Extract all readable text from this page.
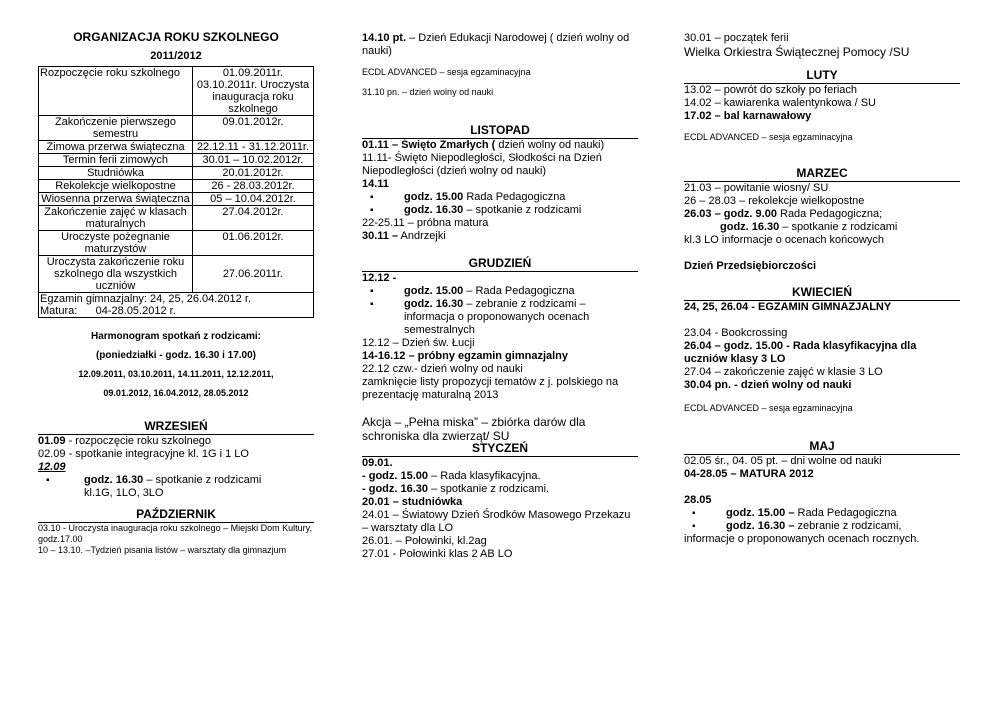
ORGANIZACJA ROKU SZKOLNEGO
2011/2012
Rozpoczęcie roku szkolnego	01.09.2011r. 03.10.2011r. Uroczysta inauguracja roku szkolnego
Zakończenie pierwszego semestru	09.01.2012r.
Zimowa przerwa świąteczna	22.12.11 - 31.12.2011r.
Termin ferii zimowych	30.01 – 10.02.2012r.
Studniówka	20.01.2012r.
Rekolekcje wielkopostne	26 - 28.03.2012r.
Wiosenna przerwa świąteczna	05 – 10.04.2012r.
Zakończenie zajęć w klasach maturalnych	27.04.2012r.
Uroczyste pożegnanie maturzystów	01.06.2012r.
Uroczysta zakończenie roku szkolnego dla wszystkich uczniów	27.06.2011r.

Egzamin gimnazjalny: 24, 25, 26.04.2012 r.
Matura:      04-28.05.2012 r.	
Harmonogram spotkań z rodzicami:
(poniedziałki - godz. 16.30 i 17.00)
12.09.2011, 03.10.2011, 14.11.2011, 12.12.2011,
09.01.2012, 16.04.2012, 28.05.2012
WRZESIEŃ
01.09 - rozpoczęcie roku szkolnego
02.09 - spotkanie integracyjne kl. 1G i 1 LO
12.09
▪ godz. 16.30 – spotkanie z rodzicami
kl.1G, 1LO, 3LO
PAŹDZIERNIK
03.10 - Uroczysta inauguracja roku szkolnego – Miejski Dom Kultury, godz.17.00
10 – 13.10. –Tydzień pisania listów – warsztaty dla gimnazjum
14.10 pt. – Dzień Edukacji Narodowej ( dzień wolny od nauki)
ECDL ADVANCED – sesja egzaminacyjna
31.10 pn. – dzień wolny od nauki
LISTOPAD
01.11 – Święto Zmarłych ( dzień wolny od nauki)
11.11- Święto Niepodległości, Słodkości na Dzień Niepodległości (dzień wolny od nauki)
14.11
▪ godz. 15.00 Rada Pedagogiczna
▪ godz. 16.30 – spotkanie z rodzicami
22-25.11 – próbna matura
30.11 – Andrzejki
GRUDZIEŃ
12.12 -
▪ godz. 15.00 – Rada Pedagogiczna
▪ godz. 16.30 – zebranie z rodzicami – informacja o proponowanych ocenach semestralnych
12.12 – Dzień św. Łucji
14-16.12 – próbny egzamin gimnazjalny
22.12 czw.- dzień wolny od nauki
zamknięcie listy propozycji tematów z j. polskiego na prezentację maturalną 2013
Akcja – „Pełna miska” – zbiórka darów dla schroniska dla zwierząt/ SU
STYCZEŃ
09.01.
- godz. 15.00 – Rada klasyfikacyjna.
- godz. 16.30 – spotkanie z rodzicami.
20.01 – studniówka
24.01 – Światowy Dzień Środków Masowego Przekazu – warsztaty dla LO
26.01. – Połowinki, kl.2ag
27.01 - Połowinki klas 2 AB LO
30.01 – początek ferii
Wielka Orkiestra Świątecznej Pomocy /SU
LUTY
13.02 – powrót do szkoły po feriach
14.02 – kawiarenka walentynkowa / SU
17.02 – bal karnawałowy
ECDL ADVANCED – sesja egzaminacyjna
MARZEC
21.03 – powitanie wiosny/ SU
26 – 28.03 – rekolekcje wielkopostne
26.03 – godz. 9.00 Rada Pedagogiczna;
godz. 16.30 – spotkanie z rodzicami
kl.3 LO informacje o ocenach końcowych
Dzień Przedsiębiorczości
KWIECIEŃ
24, 25, 26.04 - EGZAMIN GIMNAZJALNY
23.04 - Bookcrossing
26.04 – godz. 15.00 - Rada klasyfikacyjna dla uczniów klasy 3 LO
27.04 – zakończenie zajęć w klasie 3 LO
30.04 pn. - dzień wolny od nauki
ECDL ADVANCED – sesja egzaminacyjna
MAJ
02.05 śr., 04. 05 pt. – dni wolne od nauki
04-28.05 – MATURA 2012
28.05
▪ godz. 15.00 – Rada Pedagogiczna
▪ godz. 16.30 – zebranie z rodzicami,
informacje o proponowanych ocenach rocznych.
